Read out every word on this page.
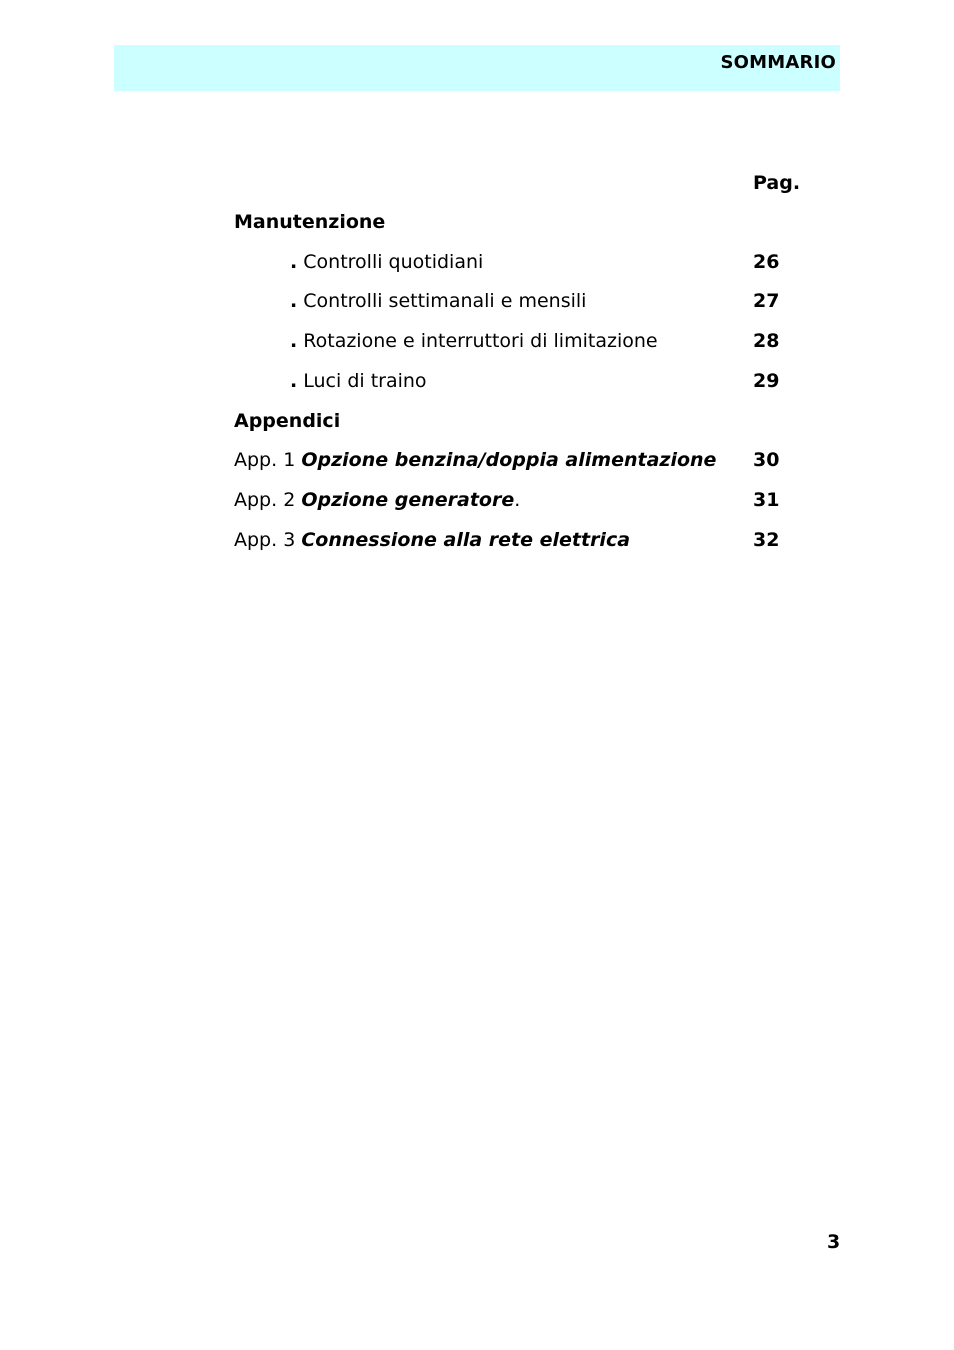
SOMMARIO
Pag.
Manutenzione
. Controlli quotidiani	26
. Controlli settimanali e mensili	27
. Rotazione e interruttori di limitazione	28
. Luci di traino	29
Appendici
App. 1 Opzione benzina/doppia alimentazione 30
App. 2 Opzione generatore.	31
App. 3 Connessione alla rete elettrica	32
3
